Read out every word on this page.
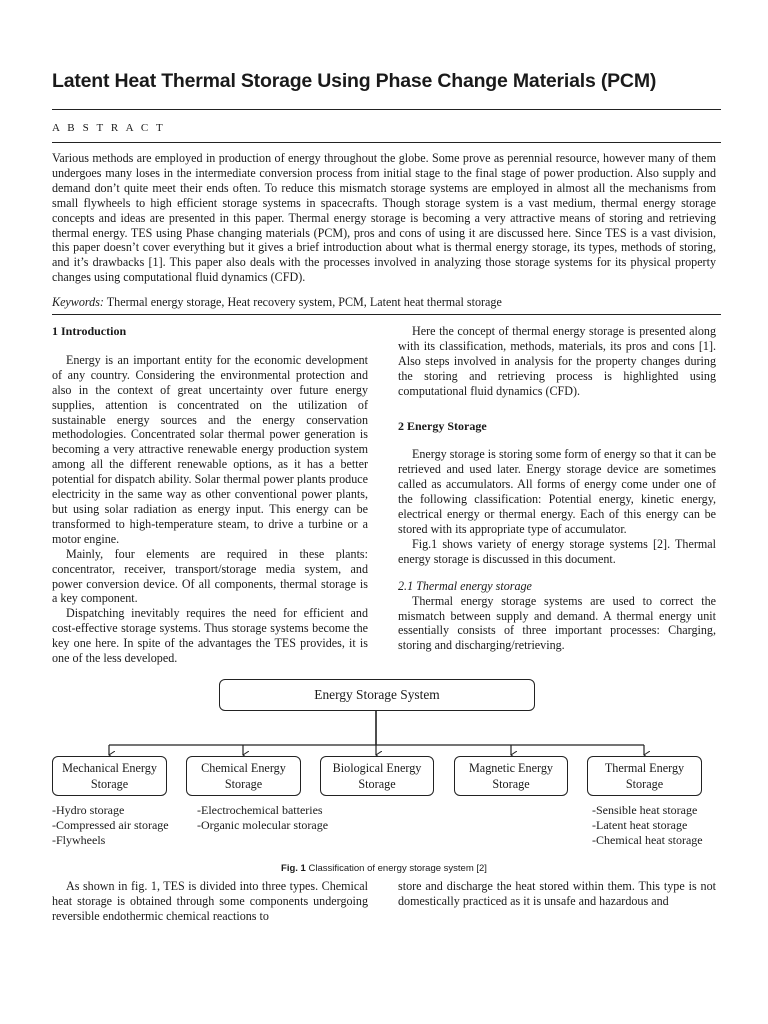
Latent Heat Thermal Storage Using Phase Change Materials (PCM)
A B S T R A C T

Various methods are employed in production of energy throughout the globe. Some prove as perennial resource, however many of them undergoes many loses in the intermediate conversion process from initial stage to the final stage of power production. Also supply and demand don’t quite meet their ends often. To reduce this mismatch storage systems are employed in almost all the mechanisms from small flywheels to high efficient storage systems in spacecrafts. Though storage system is a vast medium, thermal energy storage concepts and ideas are presented in this paper. Thermal energy storage is becoming a very attractive means of storing and retrieving thermal energy. TES using Phase changing materials (PCM), pros and cons of using it are discussed here. Since TES is a vast division, this paper doesn’t cover everything but it gives a brief introduction about what is thermal energy storage, its types, methods of storing, and it’s drawbacks [1]. This paper also deals with the processes involved in analyzing those storage systems for its physical property changes using computational fluid dynamics (CFD).

Keywords: Thermal energy storage, Heat recovery system, PCM, Latent heat thermal storage

1 Introduction

Energy is an important entity for the economic development of any country. Considering the environmental protection and also in the context of great uncertainty over future energy supplies, attention is concentrated on the utilization of sustainable energy sources and the energy conservation methodologies. Concentrated solar thermal power generation is becoming a very attractive renewable energy production system among all the different renewable options, as it has a better potential for dispatch ability. Solar thermal power plants produce electricity in the same way as other conventional power plants, but using solar radiation as energy input. This energy can be transformed to high-temperature steam, to drive a turbine or a motor engine.

Mainly, four elements are required in these plants: concentrator, receiver, transport/storage media system, and power conversion device. Of all components, thermal storage is a key component.

Dispatching inevitably requires the need for efficient and cost-effective storage systems. Thus storage systems become the key one here. In spite of the advantages the TES provides, it is one of the less developed.

Here the concept of thermal energy storage is presented along with its classification, methods, materials, its pros and cons [1]. Also steps involved in analysis for the property changes during the storing and retrieving process is highlighted using computational fluid dynamics (CFD).

2 Energy Storage

Energy storage is storing some form of energy so that it can be retrieved and used later. Energy storage device are sometimes called as accumulators. All forms of energy come under one of the following classification: Potential energy, kinetic energy, electrical energy or thermal energy. Each of this energy can be stored with its appropriate type of accumulator.

Fig.1 shows variety of energy storage systems [2]. Thermal energy storage is discussed in this document.

2.1 Thermal energy storage

Thermal energy storage systems are used to correct the mismatch between supply and demand. A thermal energy unit essentially consists of three important processes: Charging, storing and discharging/retrieving.

Energy Storage System
Mechanical Energy
Storage
Chemical Energy
Storage
Biological Energy
Storage
Magnetic Energy
Storage
Thermal Energy
Storage
-Hydro storage
-Compressed air storage
-Flywheels
-Electrochemical batteries
-Organic molecular storage
-Sensible heat storage
-Latent heat storage
-Chemical heat storage
Fig. 1 Classification of energy storage system [2]

As shown in fig. 1, TES is divided into three types. Chemical heat storage is obtained through some components undergoing reversible endothermic chemical reactions to

store and discharge the heat stored within them. This type is not domestically practiced as it is unsafe and hazardous and
